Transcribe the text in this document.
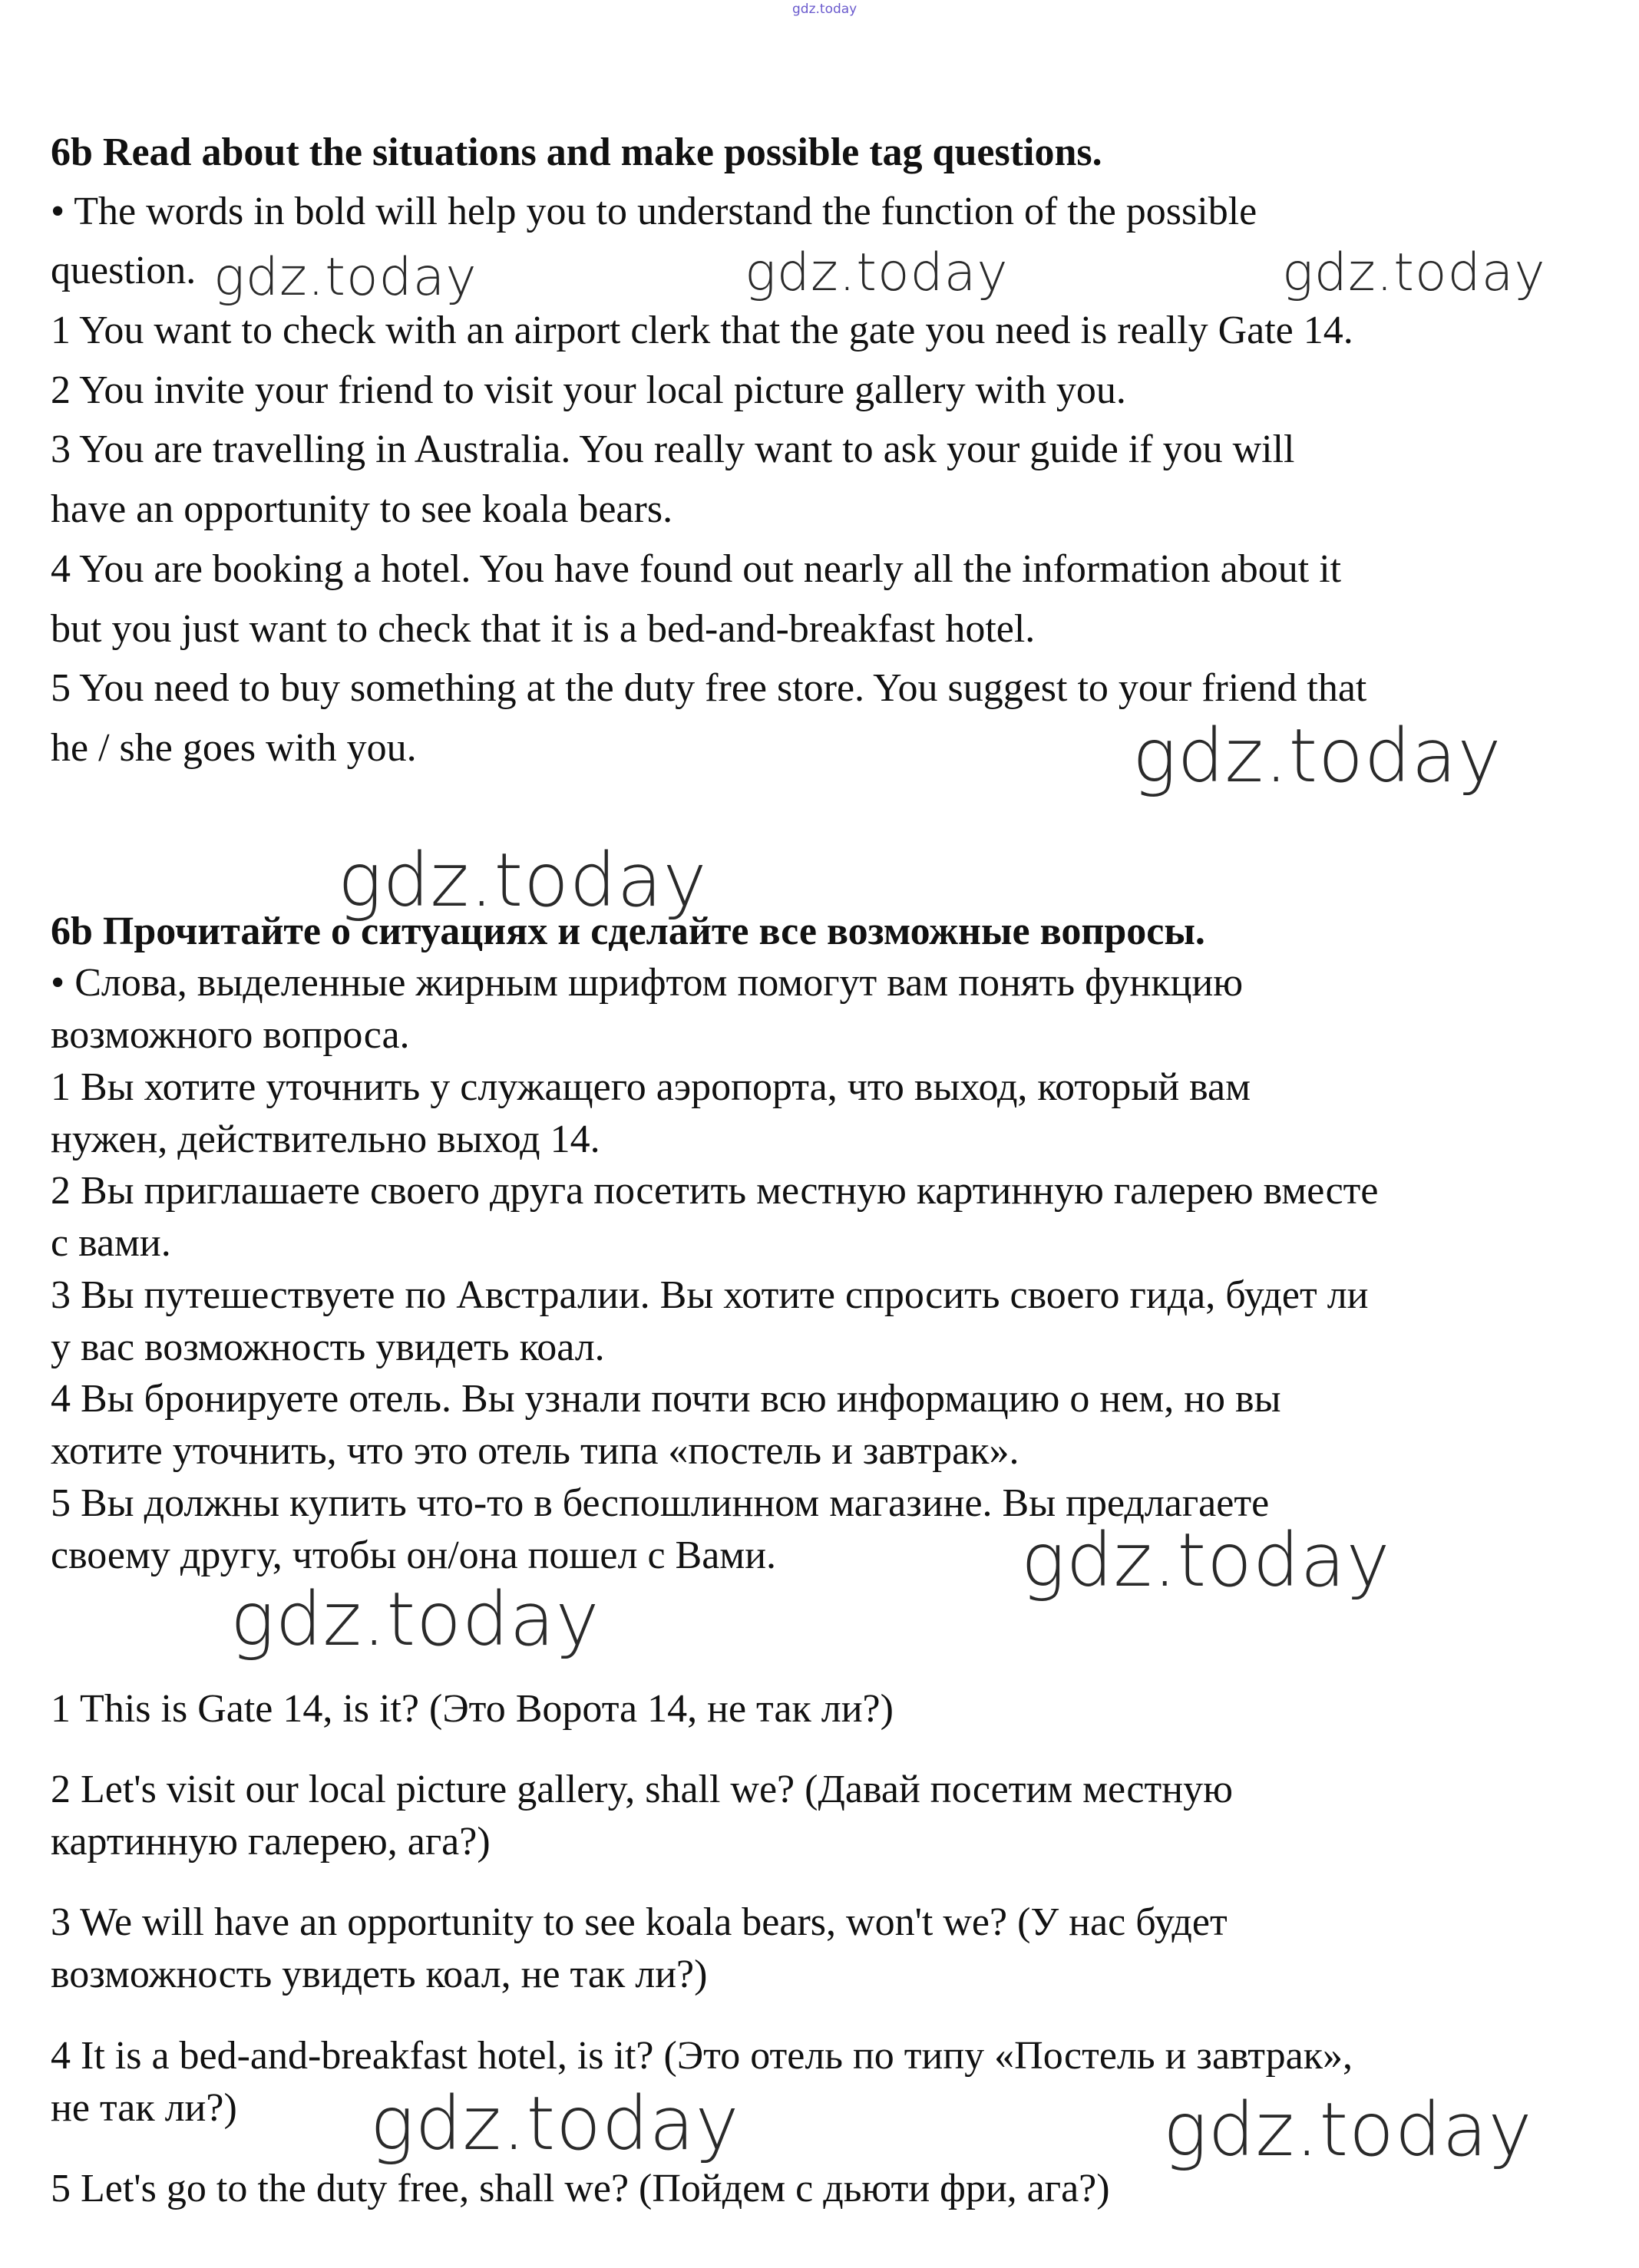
gdz.today

6b Read about the situations and make possible tag questions.

• The words in bold will help you to understand the function of the possible

question.

1 You want to check with an airport clerk that the gate you need is really Gate 14.

2 You invite your friend to visit your local picture gallery with you.

3 You are travelling in Australia. You really want to ask your guide if you will

have an opportunity to see koala bears.

4 You are booking a hotel. You have found out nearly all the information about it

but you just want to check that it is a bed-and-breakfast hotel.

5 You need to buy something at the duty free store. You suggest to your friend that

he / she goes with you.

6b Прочитайте о ситуациях и сделайте все возможные вопросы.

• Слова, выделенные жирным шрифтом помогут вам понять функцию

возможного вопроса.

1 Вы хотите уточнить у служащего аэропорта, что выход, который вам

нужен, действительно выход 14.

2 Вы приглашаете своего друга посетить местную картинную галерею вместе

с вами.

3 Вы путешествуете по Австралии. Вы хотите спросить своего гида, будет ли

у вас возможность увидеть коал.

4 Вы бронируете отель. Вы узнали почти всю информацию о нем, но вы

хотите уточнить, что это отель типа «постель и завтрак».

5 Вы должны купить что-то в беспошлинном магазине. Вы предлагаете

своему другу, чтобы он/она пошел с Вами.

1 This is Gate 14, is it? (Это Ворота 14, не так ли?)

2 Let's visit our local picture gallery, shall we? (Давай посетим местную

картинную галерею, ага?)

3 We will have an opportunity to see koala bears, won't we? (У нас будет

возможность увидеть коал, не так ли?)

4 It is a bed-and-breakfast hotel, is it? (Это отель по типу «Постель и завтрак»,

не так ли?)

5 Let's go to the duty free, shall we? (Пойдем с дьюти фри, ага?)

gdz.today	gdz.today	gdz.today
gdz.today
gdz.today
gdz.today
gdz.today
gdz.today	gdz.today
